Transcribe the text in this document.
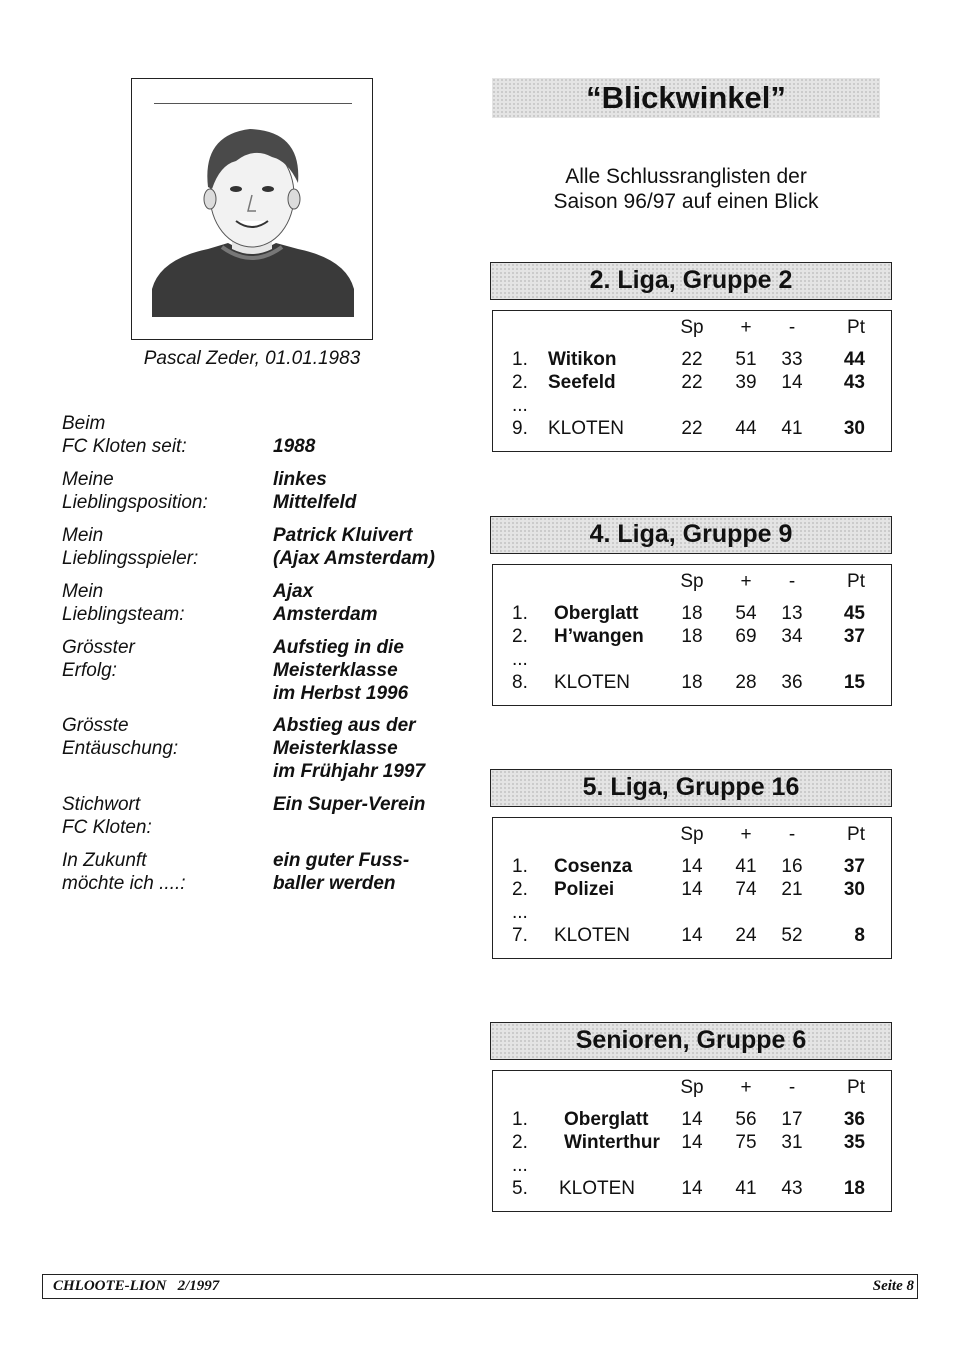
Pascal Zeder, 01.01.1983
Beim
FC Kloten seit:	1988
Meine
Lieblingsposition:
linkes
Mittelfeld
Mein
Lieblingsspieler:
Patrick Kluivert
(Ajax Amsterdam)
Mein
Lieblingsteam:
Ajax
Amsterdam
Grösster
Erfolg:
Aufstieg in die
Meisterklasse
im Herbst 1996
Grösste
Entäuschung:
Abstieg aus der
Meisterklasse
im Frühjahr 1997
Stichwort
FC Kloten:
Ein Super-Verein
In Zukunft
möchte ich ....:
ein guter Fuss-
baller werden
“Blickwinkel”
Alle Schlussranglisten der
Saison 96/97 auf einen Blick
2. Liga, Gruppe 2
Sp	+	-	Pt
1. Witikon	22 51 33	44
2. Seefeld	22 39 14	43
...
9. KLOTEN	22 44 41	30
4. Liga, Gruppe 9
Sp	+	-	Pt
1. Oberglatt 18 54 13	45
2. H’wangen 18 69 34	37
...
8. KLOTEN	18 28 36	15
5. Liga, Gruppe 16
Sp	+	-	Pt
1. Cosenza	14 41 16	37
2. Polizei	14 74 21	30
...
7. KLOTEN	14 24 52	8
Senioren, Gruppe 6
Sp	+	-	Pt
1. Oberglatt 14 56 17	36
2. Winterthur 14 75 31	35
...
5. KLOTEN 14 41 43	18
CHLOOTE-LION   2/1997	Seite 8
